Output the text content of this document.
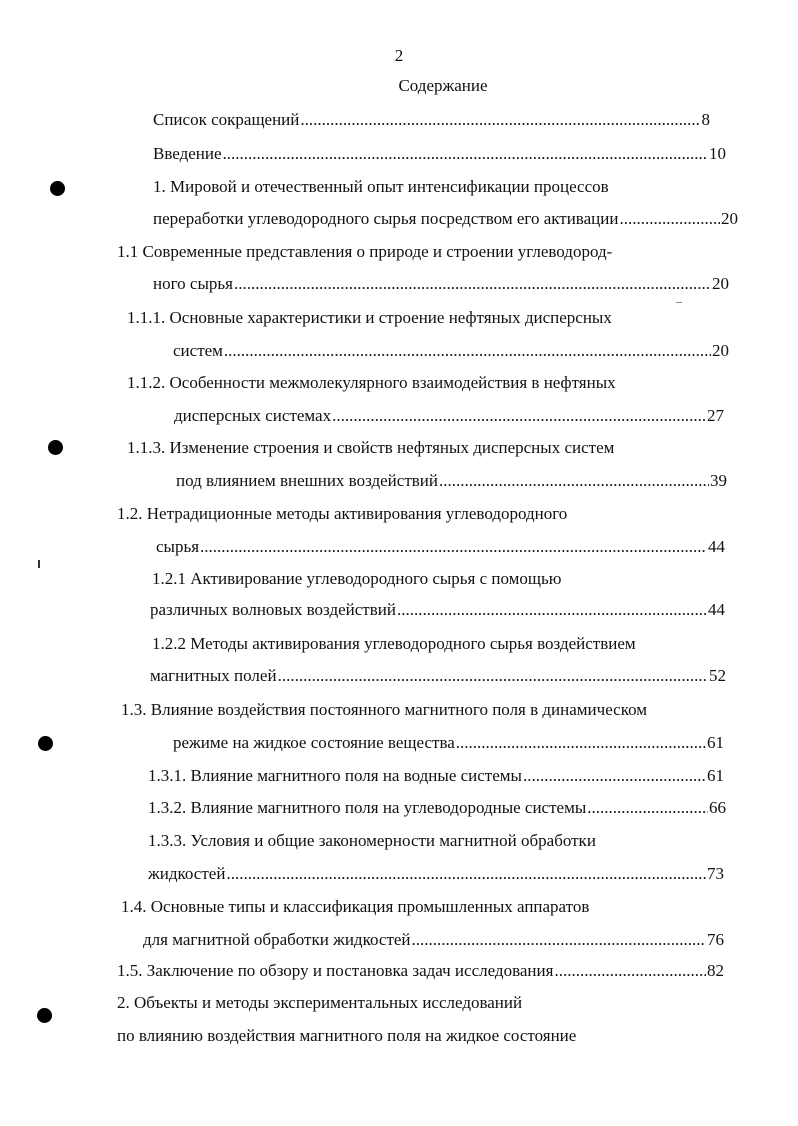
2
Содержание
Список сокращений .....	8
Введение .....	10
1. Мировой и отечественный опыт интенсификации процессов
переработки углеводородного сырья посредством его активации .....	20
1.1 Современные представления о природе и строении углеводород-
ного сырья .....	20
1.1.1. Основные характеристики и строение нефтяных дисперсных
систем .....	20
1.1.2. Особенности межмолекулярного взаимодействия в нефтяных
дисперсных системах .....	27
1.1.3. Изменение строения и свойств нефтяных дисперсных систем
под влиянием внешних воздействий .....	39
1.2. Нетрадиционные методы активирования углеводородного
сырья .....	44
1.2.1 Активирование углеводородного сырья с помощью
различных волновых воздействий .....	44
1.2.2 Методы активирования углеводородного сырья воздействием
магнитных полей .....	52
1.3. Влияние воздействия постоянного магнитного поля в динамическом
режиме на жидкое состояние вещества .....	61
1.3.1. Влияние магнитного поля на водные системы .....	61
1.3.2. Влияние магнитного поля на углеводородные системы .....	66
1.3.3. Условия и общие закономерности магнитной обработки
жидкостей .....	73
1.4. Основные типы и классификация промышленных аппаратов
для магнитной обработки жидкостей .....	76
1.5. Заключение по обзору и постановка задач исследования .....	82
2. Объекты и методы экспериментальных исследований
по влиянию воздействия магнитного поля на жидкое состояние
